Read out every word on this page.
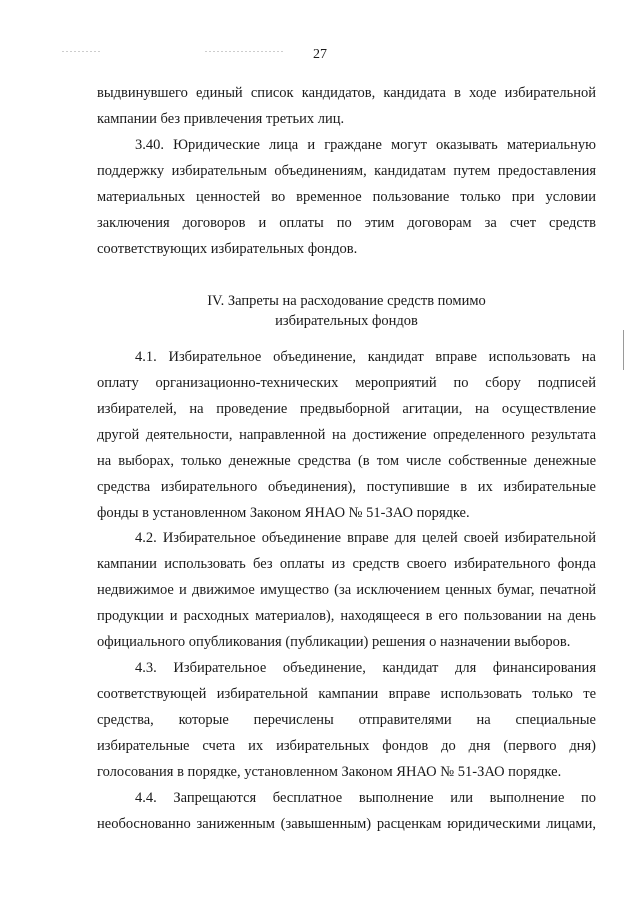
27

выдвинувшего единый список кандидатов, кандидата в ходе избирательной

кампании без привлечения третьих лиц.

3.40. Юридические лица и граждане могут оказывать материальную

поддержку избирательным объединениям, кандидатам путем предоставления

материальных ценностей во временное пользование только при условии

заключения договоров и оплаты по этим договорам за счет средств

соответствующих избирательных фондов.

IV. Запреты на расходование средств помимо
избирательных фондов

4.1. Избирательное объединение, кандидат вправе использовать на

оплату организационно-технических мероприятий по сбору подписей

избирателей, на проведение предвыборной агитации, на осуществление

другой деятельности, направленной на достижение определенного результата

на выборах, только денежные средства (в том числе собственные денежные

средства избирательного объединения), поступившие в их избирательные

фонды в установленном Законом ЯНАО № 51-ЗАО порядке.

4.2. Избирательное объединение вправе для целей своей избирательной

кампании использовать без оплаты из средств своего избирательного фонда

недвижимое и движимое имущество (за исключением ценных бумаг, печатной

продукции и расходных материалов), находящееся в его пользовании на день

официального опубликования (публикации) решения о назначении выборов.

4.3. Избирательное объединение, кандидат для финансирования

соответствующей избирательной кампании вправе использовать только те

средства, которые перечислены отправителями на специальные

избирательные счета их избирательных фондов до дня (первого дня)

голосования в порядке, установленном Законом ЯНАО № 51-ЗАО порядке.

4.4. Запрещаются бесплатное выполнение или выполнение по

необоснованно заниженным (завышенным) расценкам юридическими лицами,
